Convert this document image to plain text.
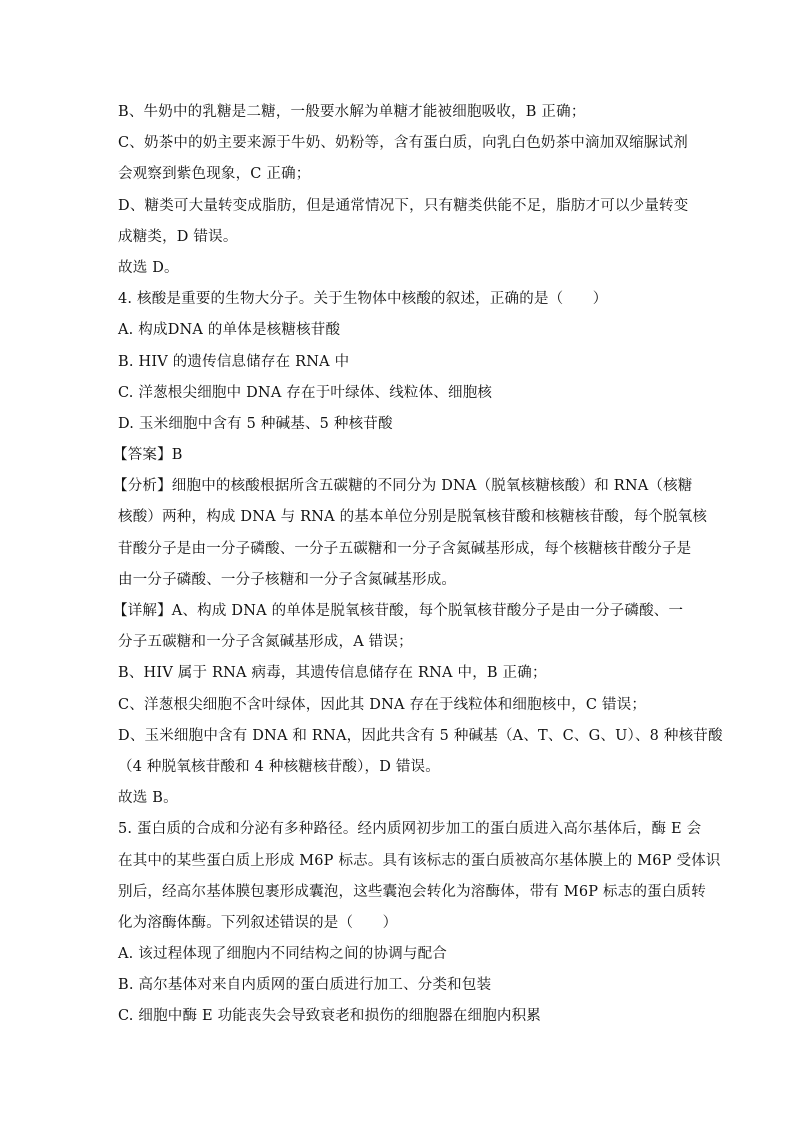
B、牛奶中的乳糖是二糖，一般要水解为单糖才能被细胞吸收，B 正确；
C、奶茶中的奶主要来源于牛奶、奶粉等，含有蛋白质，向乳白色奶茶中滴加双缩脲试剂
会观察到紫色现象，C 正确；
D、糖类可大量转变成脂肪，但是通常情况下，只有糖类供能不足，脂肪才可以少量转变
成糖类，D 错误。
故选 D。
4. 核酸是重要的生物大分子。关于生物体中核酸的叙述，正确的是（　　）
A. 构成DNA 的单体是核糖核苷酸
B. HIV 的遗传信息储存在 RNA 中
C. 洋葱根尖细胞中 DNA 存在于叶绿体、线粒体、细胞核
D. 玉米细胞中含有 5 种碱基、5 种核苷酸
【答案】B
【分析】细胞中的核酸根据所含五碳糖的不同分为 DNA（脱氧核糖核酸）和 RNA（核糖
核酸）两种，构成 DNA 与 RNA 的基本单位分别是脱氧核苷酸和核糖核苷酸，每个脱氧核
苷酸分子是由一分子磷酸、一分子五碳糖和一分子含氮碱基形成，每个核糖核苷酸分子是
由一分子磷酸、一分子核糖和一分子含氮碱基形成。
【详解】A、构成 DNA 的单体是脱氧核苷酸，每个脱氧核苷酸分子是由一分子磷酸、一
分子五碳糖和一分子含氮碱基形成，A 错误；
B、HIV 属于 RNA 病毒，其遗传信息储存在 RNA 中，B 正确；
C、洋葱根尖细胞不含叶绿体，因此其 DNA 存在于线粒体和细胞核中，C 错误；
D、玉米细胞中含有 DNA 和 RNA，因此共含有 5 种碱基（A、T、C、G、U）、8 种核苷酸
（4 种脱氧核苷酸和 4 种核糖核苷酸），D 错误。
故选 B。
5. 蛋白质的合成和分泌有多种路径。经内质网初步加工的蛋白质进入高尔基体后，酶 E 会
在其中的某些蛋白质上形成 M6P 标志。具有该标志的蛋白质被高尔基体膜上的 M6P 受体识
别后，经高尔基体膜包裹形成囊泡，这些囊泡会转化为溶酶体，带有 M6P 标志的蛋白质转
化为溶酶体酶。下列叙述错误的是（　　）
A. 该过程体现了细胞内不同结构之间的协调与配合
B. 高尔基体对来自内质网的蛋白质进行加工、分类和包装
C. 细胞中酶 E 功能丧失会导致衰老和损伤的细胞器在细胞内积累
